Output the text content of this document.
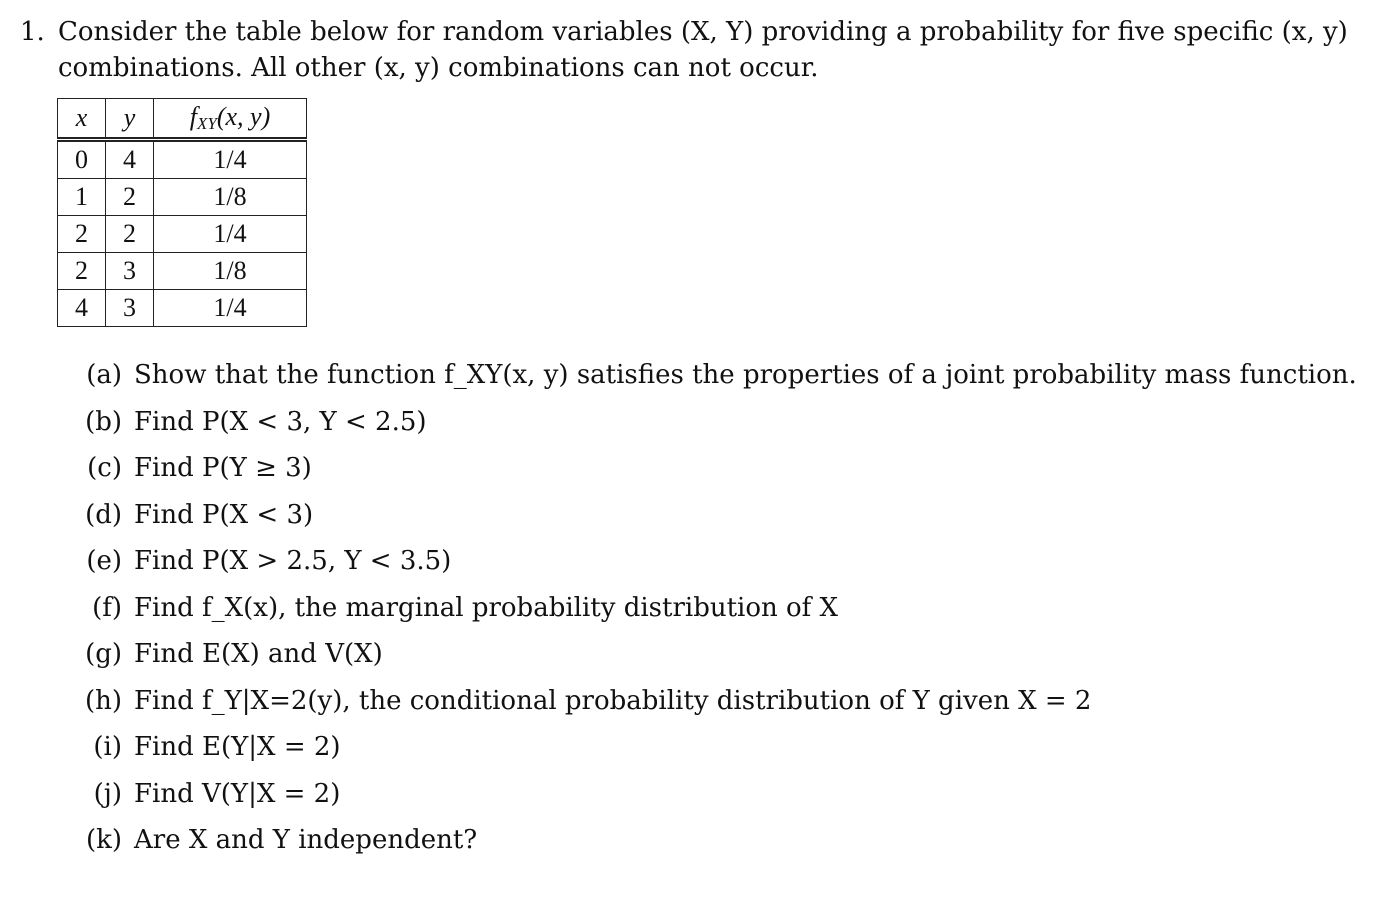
1. Consider the table below for random variables (X, Y) providing a probability for five specific (x, y)
combinations. All other (x, y) combinations can not occur.
x	y	$f_{XY}(x$, y)
0	4	1/4
1	2	1/8
2	2	1/4
2	3	1/8
4	3	1/4
(a) Show that the function f_XY(x, y) satisfies the properties of a joint probability mass function.
(b) Find P(X < 3, Y < 2.5)
(c) Find P(Y ≥ 3)
(d) Find P(X < 3)
(e) Find P(X > 2.5, Y < 3.5)
(f) Find f_X(x), the marginal probability distribution of X
(g) Find E(X) and V(X)
(h) Find f_Y|X=2(y), the conditional probability distribution of Y given X = 2
(i) Find E(Y|X = 2)
(j) Find V(Y|X = 2)
(k) Are X and Y independent?
